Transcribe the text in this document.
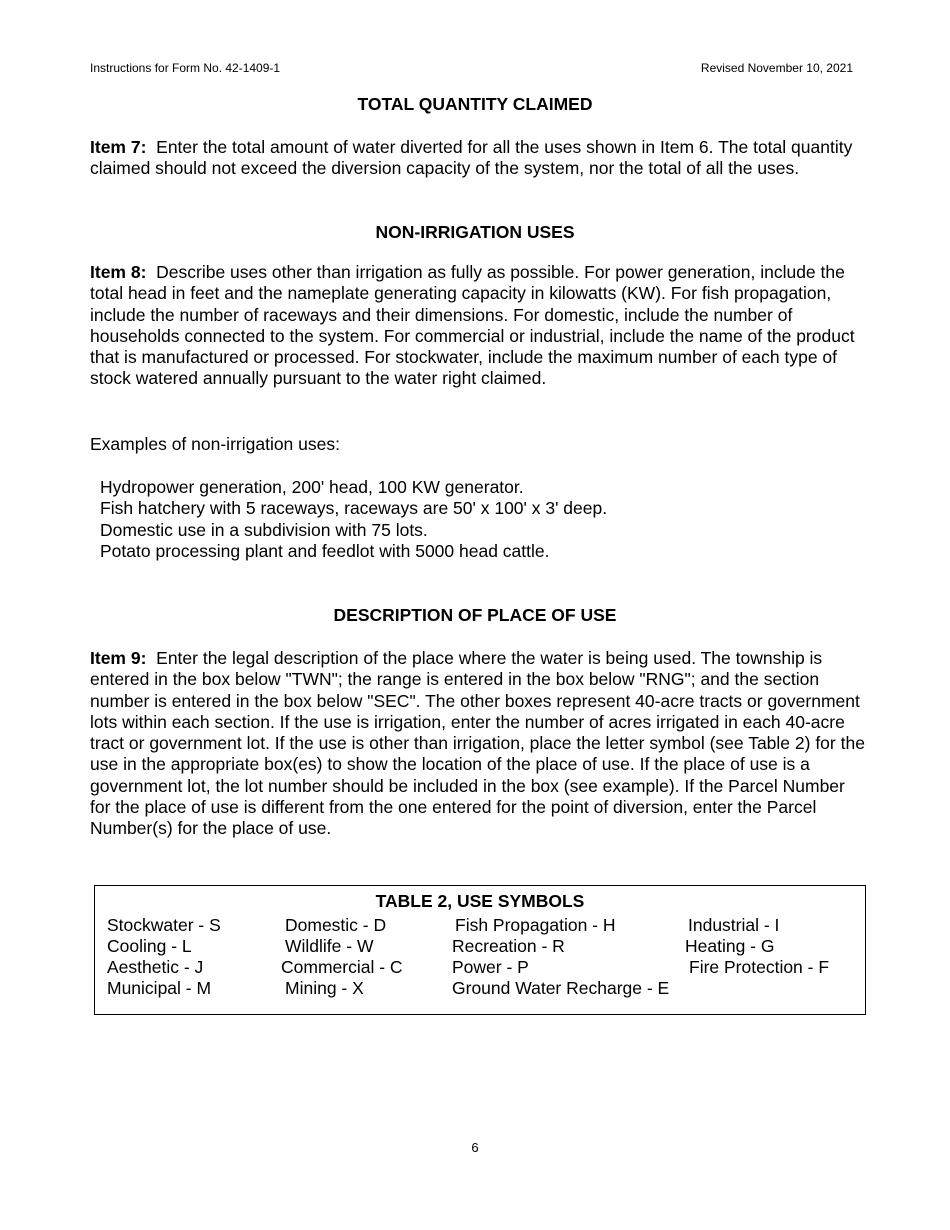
Instructions for Form No. 42-1409-1	Revised November 10, 2021
TOTAL QUANTITY CLAIMED

Item 7: Enter the total amount of water diverted for all the uses shown in Item 6. The total quantity claimed should not exceed the diversion capacity of the system, nor the total of all the uses.

NON-IRRIGATION USES

Item 8: Describe uses other than irrigation as fully as possible. For power generation, include the total head in feet and the nameplate generating capacity in kilowatts (KW). For fish propagation, include the number of raceways and their dimensions. For domestic, include the number of households connected to the system. For commercial or industrial, include the name of the product that is manufactured or processed. For stockwater, include the maximum number of each type of stock watered annually pursuant to the water right claimed.

Examples of non-irrigation uses:

Hydropower generation, 200' head, 100 KW generator.
Fish hatchery with 5 raceways, raceways are 50' x 100' x 3' deep.
Domestic use in a subdivision with 75 lots.
Potato processing plant and feedlot with 5000 head cattle.
DESCRIPTION OF PLACE OF USE

Item 9: Enter the legal description of the place where the water is being used. The township is entered in the box below "TWN"; the range is entered in the box below "RNG"; and the section number is entered in the box below "SEC". The other boxes represent 40-acre tracts or government lots within each section. If the use is irrigation, enter the number of acres irrigated in each 40-acre tract or government lot. If the use is other than irrigation, place the letter symbol (see Table 2) for the use in the appropriate box(es) to show the location of the place of use. If the place of use is a government lot, the lot number should be included in the box (see example). If the Parcel Number for the place of use is different from the one entered for the point of diversion, enter the Parcel Number(s) for the place of use.

TABLE 2, USE SYMBOLS
Stockwater - S	Domestic - D	Fish Propagation - H	Industrial - I
Cooling - L	Wildlife - W	Recreation - R	Heating - G
Aesthetic - J	Commercial - C	Power - P	Fire Protection - F
Municipal - M	Mining - X	Ground Water Recharge - E
6
